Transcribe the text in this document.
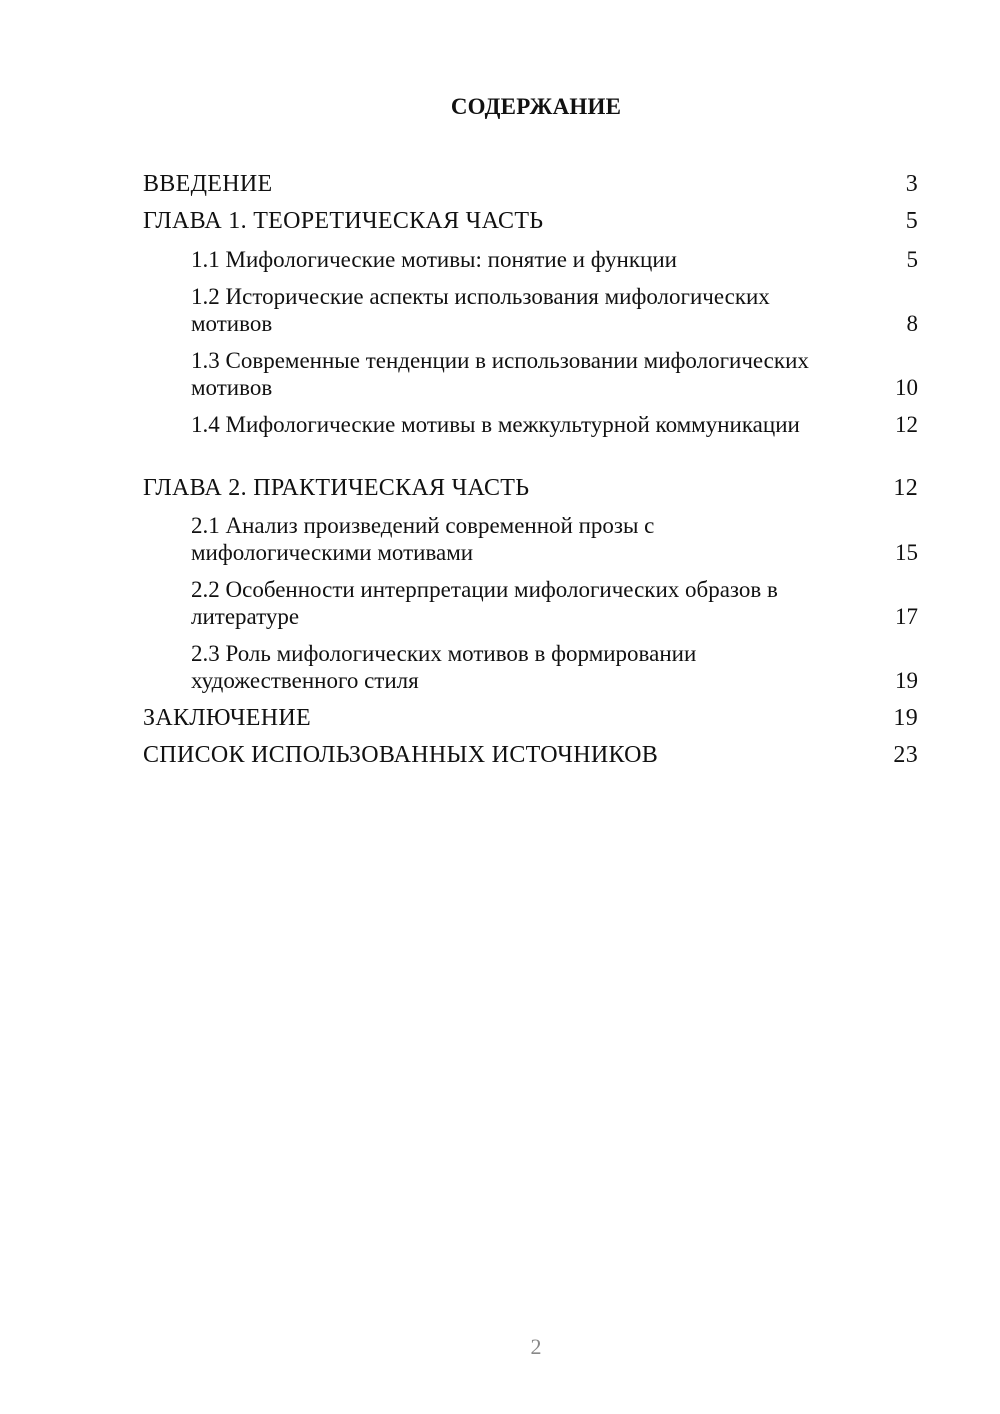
СОДЕРЖАНИЕ
ВВЕДЕНИЕ	3
ГЛАВА 1. ТЕОРЕТИЧЕСКАЯ ЧАСТЬ	5
1.1 Мифологические мотивы: понятие и функции	5
1.2 Исторические аспекты использования мифологических мотивов	8
1.3 Современные тенденции в использовании мифологических мотивов	10
1.4 Мифологические мотивы в межкультурной коммуникации	12
ГЛАВА 2. ПРАКТИЧЕСКАЯ ЧАСТЬ	12
2.1 Анализ произведений современной прозы с мифологическими мотивами	15
2.2 Особенности интерпретации мифологических образов в литературе	17
2.3 Роль мифологических мотивов в формировании художественного стиля	19
ЗАКЛЮЧЕНИЕ	19
СПИСОК ИСПОЛЬЗОВАННЫХ ИСТОЧНИКОВ	23
2
